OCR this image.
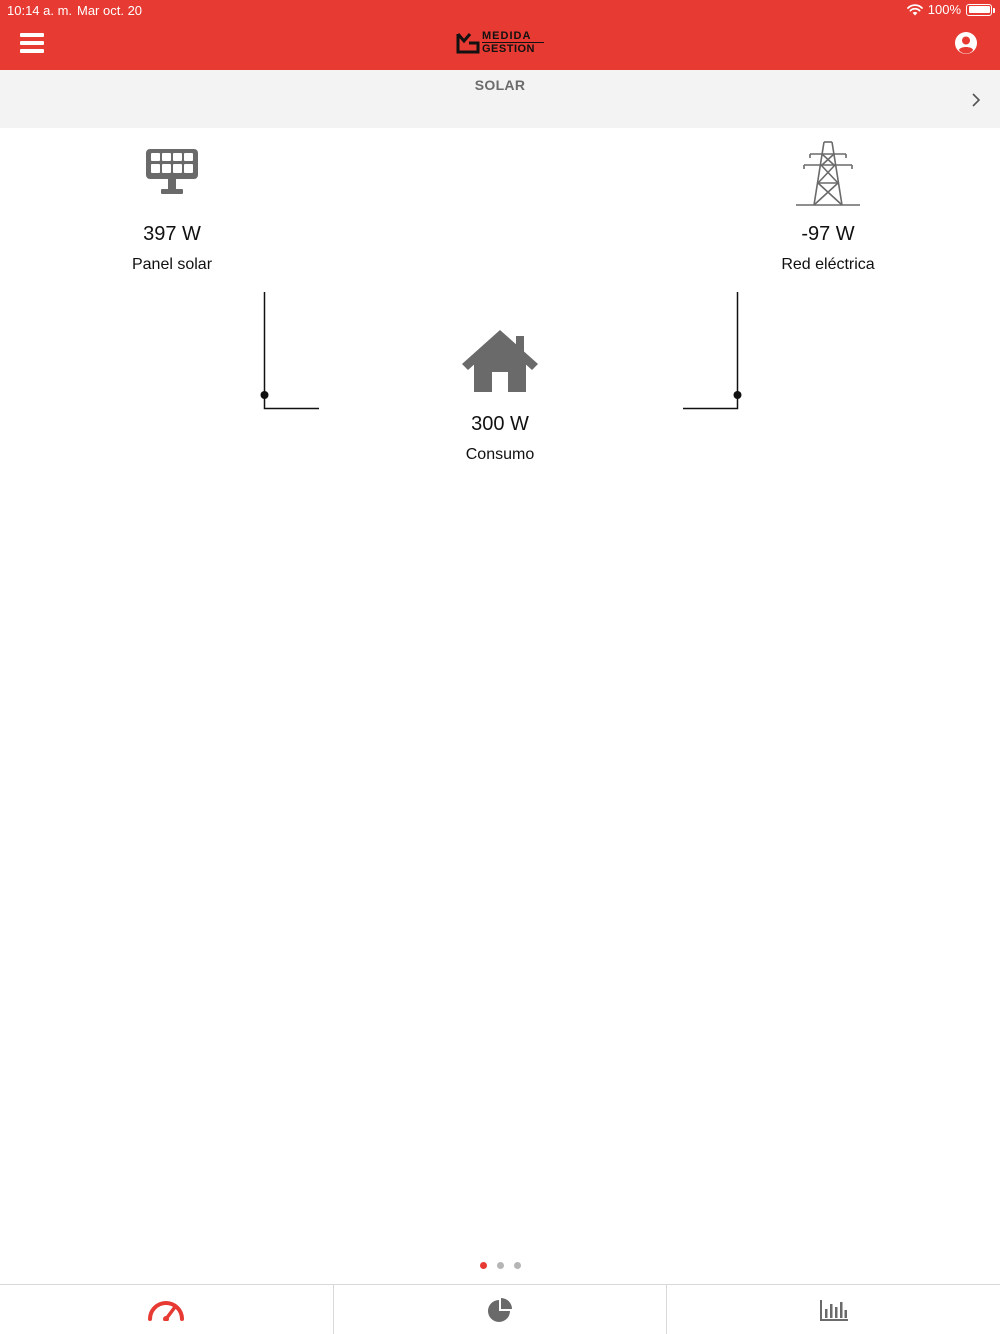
10:14 a. m. Mar oct. 20	100%
MEDIDA
GESTION
SOLAR
397 W
Panel solar
-97 W
Red eléctrica
300 W
Consumo
